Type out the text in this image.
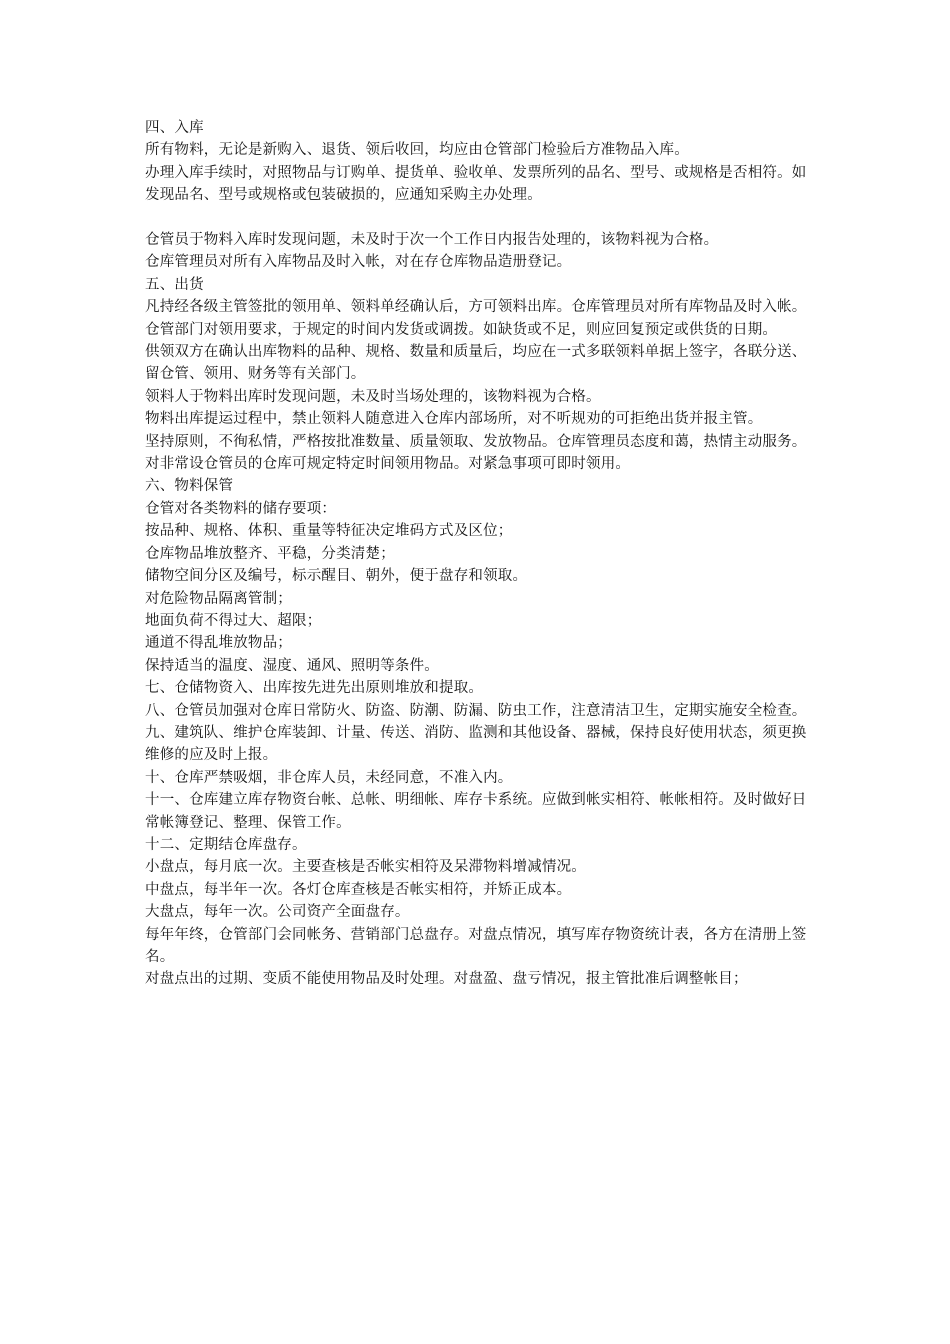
四、入库

所有物料，无论是新购入、退货、领后收回，均应由仓管部门检验后方准物品入库。

办理入库手续时，对照物品与订购单、提货单、验收单、发票所列的品名、型号、或规格是否相符。如发现品名、型号或规格或包装破损的，应通知采购主办处理。

仓管员于物料入库时发现问题，未及时于次一个工作日内报告处理的，该物料视为合格。

仓库管理员对所有入库物品及时入帐，对在存仓库物品造册登记。

五、出货

凡持经各级主管签批的领用单、领料单经确认后，方可领料出库。仓库管理员对所有库物品及时入帐。

仓管部门对领用要求，于规定的时间内发货或调拨。如缺货或不足，则应回复预定或供货的日期。

供领双方在确认出库物料的品种、规格、数量和质量后，均应在一式多联领料单据上签字，各联分送、留仓管、领用、财务等有关部门。

领料人于物料出库时发现问题，未及时当场处理的，该物料视为合格。

物料出库提运过程中，禁止领料人随意进入仓库内部场所，对不听规劝的可拒绝出货并报主管。

坚持原则，不徇私情，严格按批准数量、质量领取、发放物品。仓库管理员态度和蔼，热情主动服务。

对非常设仓管员的仓库可规定特定时间领用物品。对紧急事项可即时领用。

六、物料保管

仓管对各类物料的储存要项：

按品种、规格、体积、重量等特征决定堆码方式及区位；

仓库物品堆放整齐、平稳，分类清楚；

储物空间分区及编号，标示醒目、朝外，便于盘存和领取。

对危险物品隔离管制；

地面负荷不得过大、超限；

通道不得乱堆放物品；

保持适当的温度、湿度、通风、照明等条件。

七、仓储物资入、出库按先进先出原则堆放和提取。

八、仓管员加强对仓库日常防火、防盗、防潮、防漏、防虫工作，注意清洁卫生，定期实施安全检查。

九、建筑队、维护仓库装卸、计量、传送、消防、监测和其他设备、器械，保持良好使用状态，须更换维修的应及时上报。

十、仓库严禁吸烟，非仓库人员，未经同意，不准入内。

十一、仓库建立库存物资台帐、总帐、明细帐、库存卡系统。应做到帐实相符、帐帐相符。及时做好日常帐簿登记、整理、保管工作。

十二、定期结仓库盘存。

小盘点，每月底一次。主要查核是否帐实相符及呆滞物料增减情况。

中盘点，每半年一次。各灯仓库查核是否帐实相符，并矫正成本。

大盘点，每年一次。公司资产全面盘存。

每年年终，仓管部门会同帐务、营销部门总盘存。对盘点情况，填写库存物资统计表，各方在清册上签名。

对盘点出的过期、变质不能使用物品及时处理。对盘盈、盘亏情况，报主管批准后调整帐目；
